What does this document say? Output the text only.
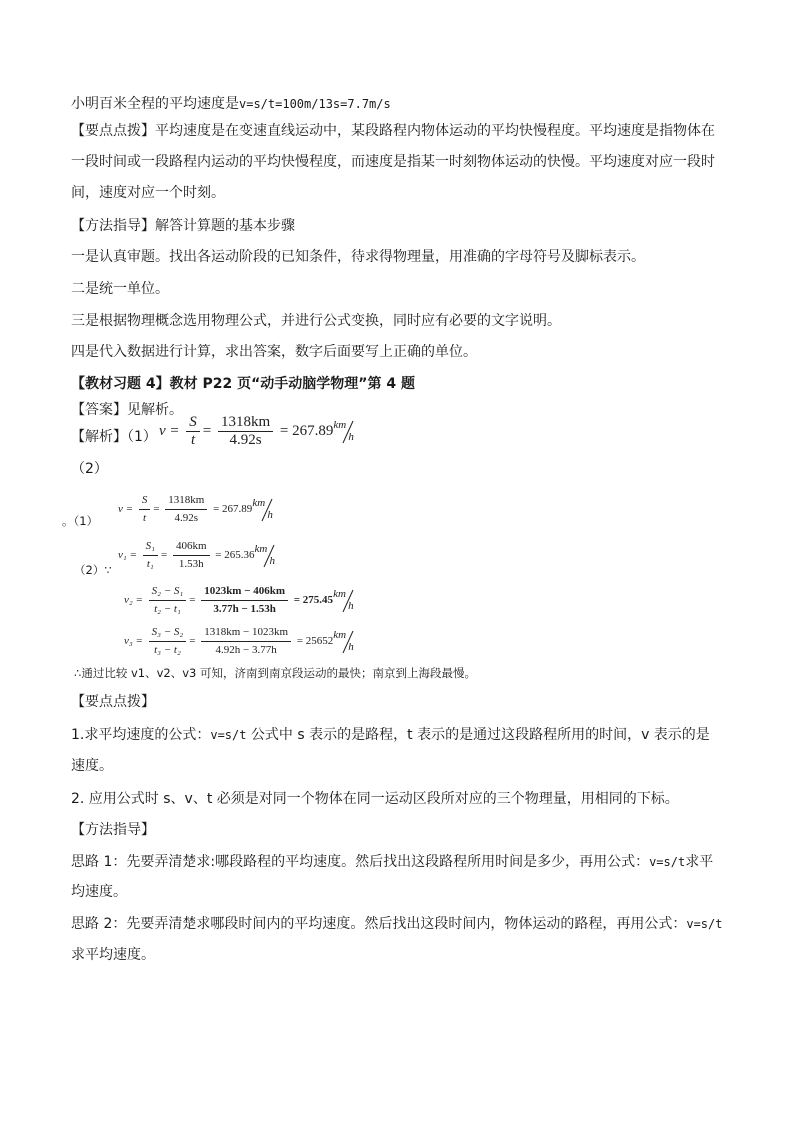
小明百米全程的平均速度是v=s/t=100m/13s=7.7m/s
【要点点拨】平均速度是在变速直线运动中，某段路程内物体运动的平均快慢程度。平均速度是指物体在
一段时间或一段路程内运动的平均快慢程度，而速度是指某一时刻物体运动的快慢。平均速度对应一段时
间，速度对应一个时刻。
【方法指导】解答计算题的基本步骤
一是认真审题。找出各运动阶段的已知条件，待求得物理量，用准确的字母符号及脚标表示。
二是统一单位。
三是根据物理概念选用物理公式，并进行公式变换，同时应有必要的文字说明。
四是代入数据进行计算，求出答案，数字后面要写上正确的单位。
【教材习题 4】教材 P22 页“动手动脑学物理”第 4 题
【答案】见解析。
【解析】（1） $v = \frac{S}{t} = \frac{1318km}{4.92s} = 267.89$ km
h
（2）
$v = \frac{S}{t} = \frac{1318km}{4.92s} = 267.89$
km
h
。（1）
$v_1 = \frac{\text{S₁}}{\text{t₁}} = \frac{406km}{1.53h} = 265.36$
km
h
（2）∵
$v_2 = \frac{\text{S₂ − S₁}}{\text{t₂ − t₁}} = \frac{1023km - 406km}{3.77h - 1.53h} = 275.45$
km
h
$v_3 = \frac{\text{S₃ − S₂}}{\text{t₃ − t₂}} = \frac{1318km - 1023km}{4.92h - 3.77h} = 25652$
km
h
∴通过比较 v1、v2、v3 可知，济南到南京段运动的最快；南京到上海段最慢。
【要点点拨】
1.求平均速度的公式：v=s/t 公式中 s 表示的是路程，t 表示的是通过这段路程所用的时间，v 表示的是
速度。
2. 应用公式时 s、v、t 必须是对同一个物体在同一运动区段所对应的三个物理量，用相同的下标。
【方法指导】
思路 1：先要弄清楚求:哪段路程的平均速度。然后找出这段路程所用时间是多少，再用公式：v=s/t求平
均速度。
思路 2：先要弄清楚求哪段时间内的平均速度。然后找出这段时间内，物体运动的路程，再用公式：v=s/t
求平均速度。
